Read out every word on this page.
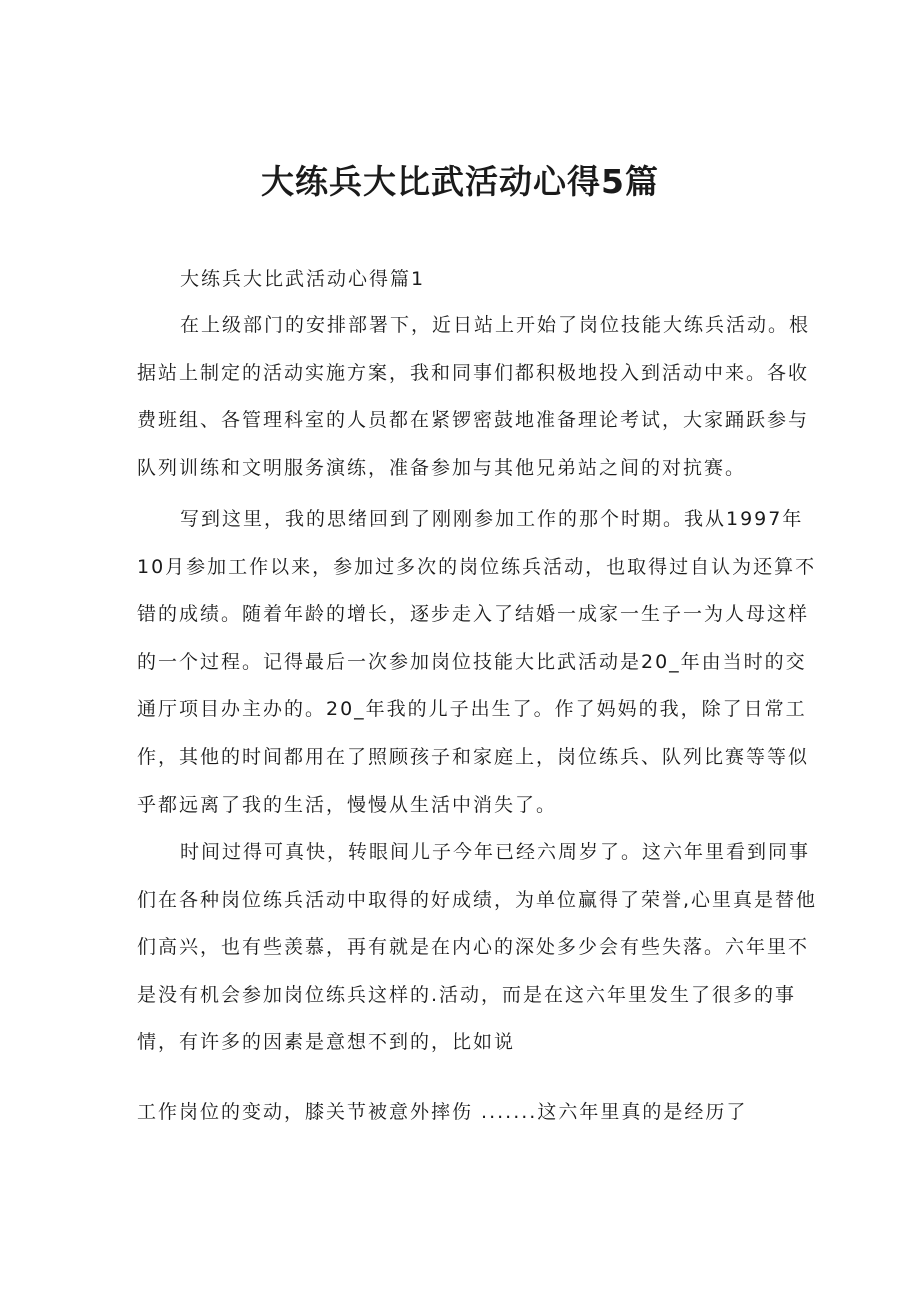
大练兵大比武活动心得5篇
大练兵大比武活动心得篇1
在上级部门的安排部署下，近日站上开始了岗位技能大练兵活动。根
据站上制定的活动实施方案，我和同事们都积极地投入到活动中来。各收
费班组、各管理科室的人员都在紧锣密鼓地准备理论考试，大家踊跃参与
队列训练和文明服务演练，准备参加与其他兄弟站之间的对抗赛。
写到这里，我的思绪回到了刚刚参加工作的那个时期。我从1997年
10月参加工作以来，参加过多次的岗位练兵活动，也取得过自认为还算不
错的成绩。随着年龄的增长，逐步走入了结婚一成家一生子一为人母这样
的一个过程。记得最后一次参加岗位技能大比武活动是20_年由当时的交
通厅项目办主办的。20_年我的儿子出生了。作了妈妈的我，除了日常工
作，其他的时间都用在了照顾孩子和家庭上，岗位练兵、队列比赛等等似
乎都远离了我的生活，慢慢从生活中消失了。
时间过得可真快，转眼间儿子今年已经六周岁了。这六年里看到同事
们在各种岗位练兵活动中取得的好成绩，为单位赢得了荣誉,心里真是替他
们高兴，也有些羡慕，再有就是在内心的深处多少会有些失落。六年里不
是没有机会参加岗位练兵这样的.活动，而是在这六年里发生了很多的事
情，有许多的因素是意想不到的，比如说
工作岗位的变动，膝关节被意外摔伤 .......这六年里真的是经历了
